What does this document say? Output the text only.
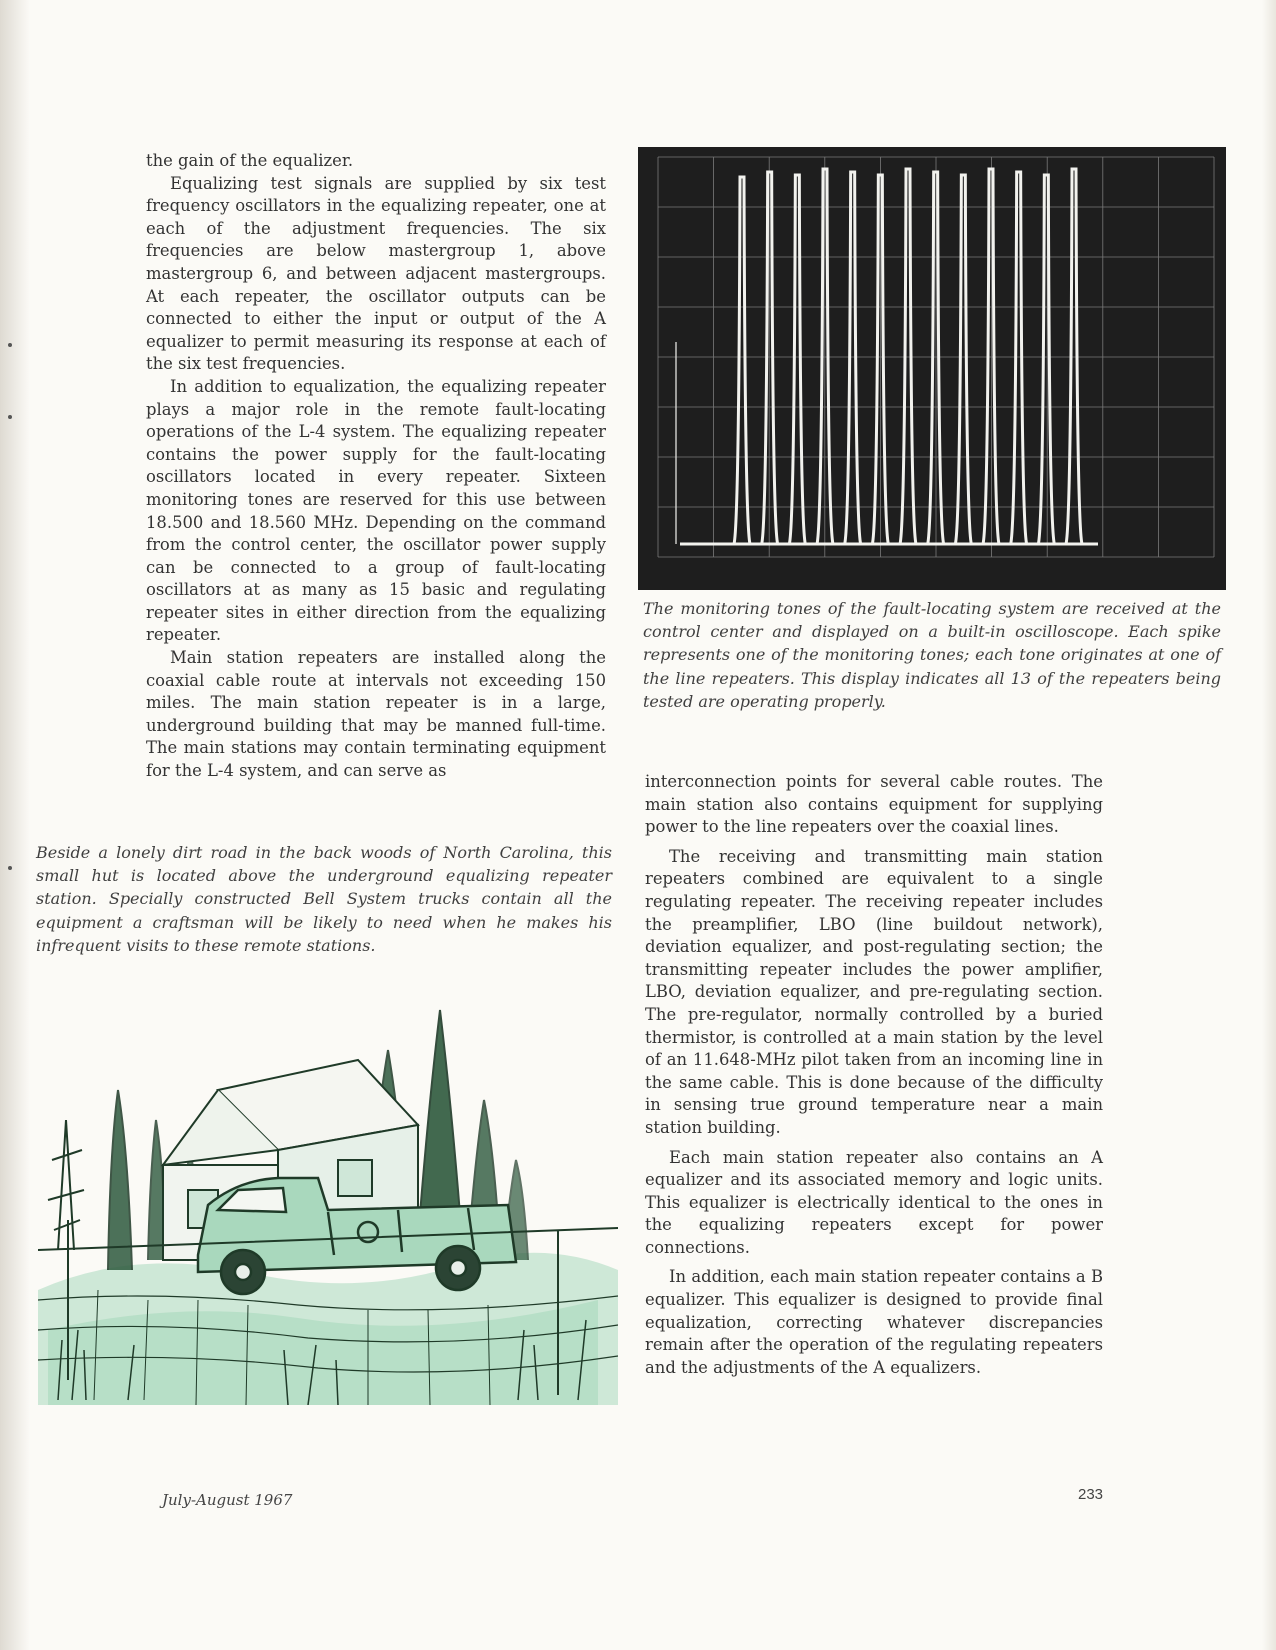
the gain of the equalizer.

Equalizing test signals are supplied by six test frequency oscillators in the equalizing repeater, one at each of the adjustment frequencies. The six frequencies are below mastergroup 1, above mastergroup 6, and between adjacent mastergroups. At each repeater, the oscillator outputs can be connected to either the input or output of the A equalizer to permit measuring its response at each of the six test frequencies.

In addition to equalization, the equalizing repeater plays a major role in the remote fault-locating operations of the L-4 system. The equalizing repeater contains the power supply for the fault-locating oscillators located in every repeater. Sixteen monitoring tones are reserved for this use between 18.500 and 18.560 MHz. Depending on the command from the control center, the oscillator power supply can be connected to a group of fault-locating oscillators at as many as 15 basic and regulating repeater sites in either direction from the equalizing repeater.

Main station repeaters are installed along the coaxial cable route at intervals not exceeding 150 miles. The main station repeater is in a large, underground building that may be manned full-time. The main stations may contain terminating equipment for the L-4 system, and can serve as

The monitoring tones of the fault-locating system are received at the control center and displayed on a built-in oscilloscope. Each spike represents one of the monitoring tones; each tone originates at one of the line repeaters. This display indicates all 13 of the repeaters being tested are operating properly.
Beside a lonely dirt road in the back woods of North Carolina, this small hut is located above the underground equalizing repeater station. Specially constructed Bell System trucks contain all the equipment a craftsman will be likely to need when he makes his infrequent visits to these remote stations.

interconnection points for several cable routes. The main station also contains equipment for supplying power to the line repeaters over the coaxial lines.

The receiving and transmitting main station repeaters combined are equivalent to a single regulating repeater. The receiving repeater includes the preamplifier, LBO (line buildout network), deviation equalizer, and post-regulating section; the transmitting repeater includes the power amplifier, LBO, deviation equalizer, and pre-regulating section. The pre-regulator, normally controlled by a buried thermistor, is controlled at a main station by the level of an 11.648-MHz pilot taken from an incoming line in the same cable. This is done because of the difficulty in sensing true ground temperature near a main station building.

Each main station repeater also contains an A equalizer and its associated memory and logic units. This equalizer is electrically identical to the ones in the equalizing repeaters except for power connections.

In addition, each main station repeater contains a B equalizer. This equalizer is designed to provide final equalization, correcting whatever discrepancies remain after the operation of the regulating repeaters and the adjustments of the A equalizers.

July-August 1967	233
